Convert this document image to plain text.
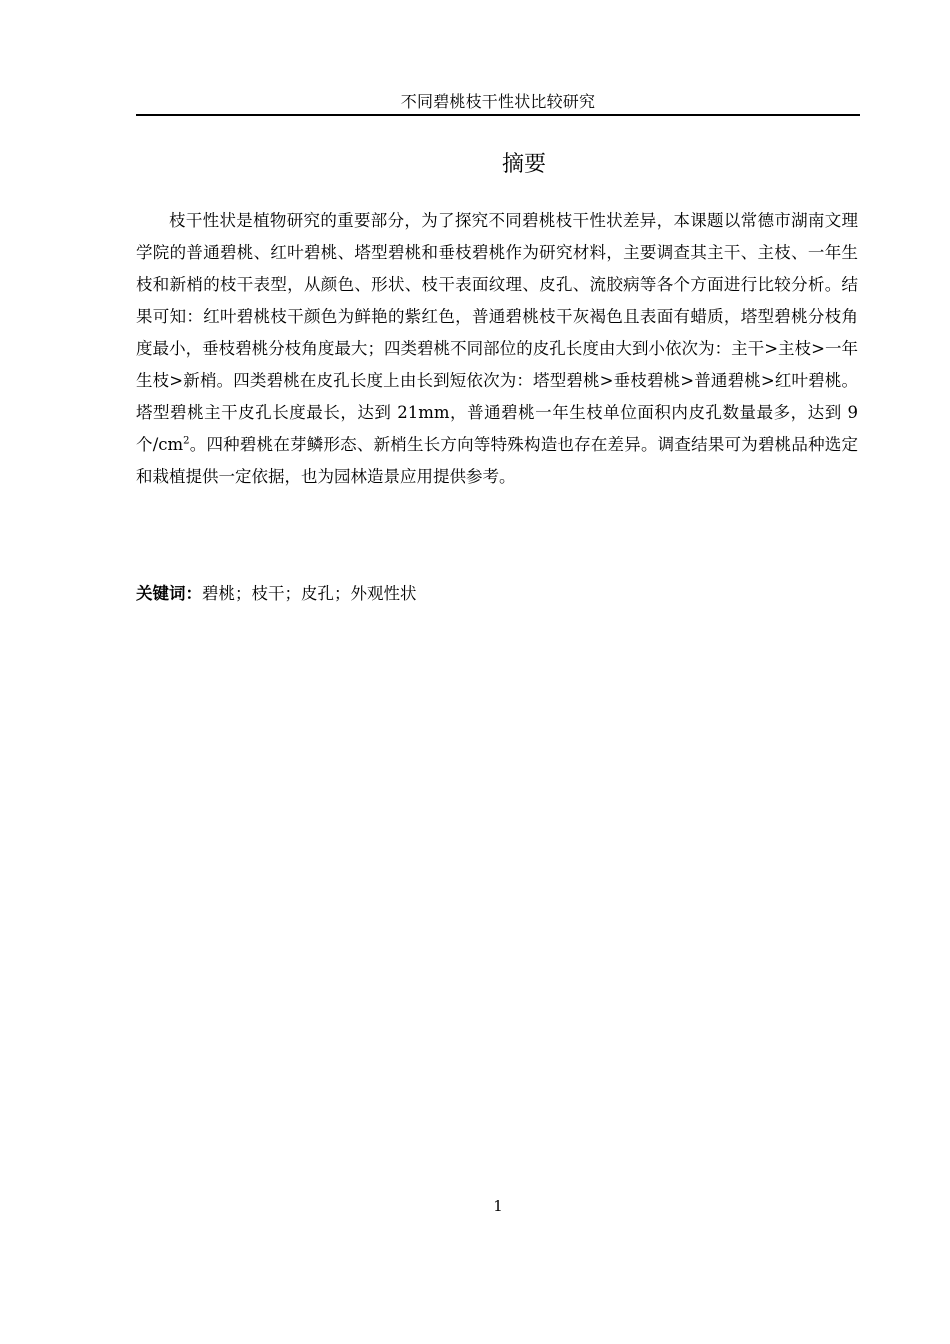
不同碧桃枝干性状比较研究
摘要

枝干性状是植物研究的重要部分，为了探究不同碧桃枝干性状差异，本课题以常德市湖南文理学院的普通碧桃、红叶碧桃、塔型碧桃和垂枝碧桃作为研究材料，主要调查其主干、主枝、一年生枝和新梢的枝干表型，从颜色、形状、枝干表面纹理、皮孔、流胶病等各个方面进行比较分析。结果可知：红叶碧桃枝干颜色为鲜艳的紫红色，普通碧桃枝干灰褐色且表面有蜡质，塔型碧桃分枝角度最小，垂枝碧桃分枝角度最大；四类碧桃不同部位的皮孔长度由大到小依次为：主干>主枝>一年生枝>新梢。四类碧桃在皮孔长度上由长到短依次为：塔型碧桃>垂枝碧桃>普通碧桃>红叶碧桃。塔型碧桃主干皮孔长度最长，达到 21mm，普通碧桃一年生枝单位面积内皮孔数量最多，达到 9 个$/cm^2$。四种碧桃在芽鳞形态、新梢生长方向等特殊构造也存在差异。调查结果可为碧桃品种选定和栽植提供一定依据，也为园林造景应用提供参考。

关键词：碧桃；枝干；皮孔；外观性状

1
